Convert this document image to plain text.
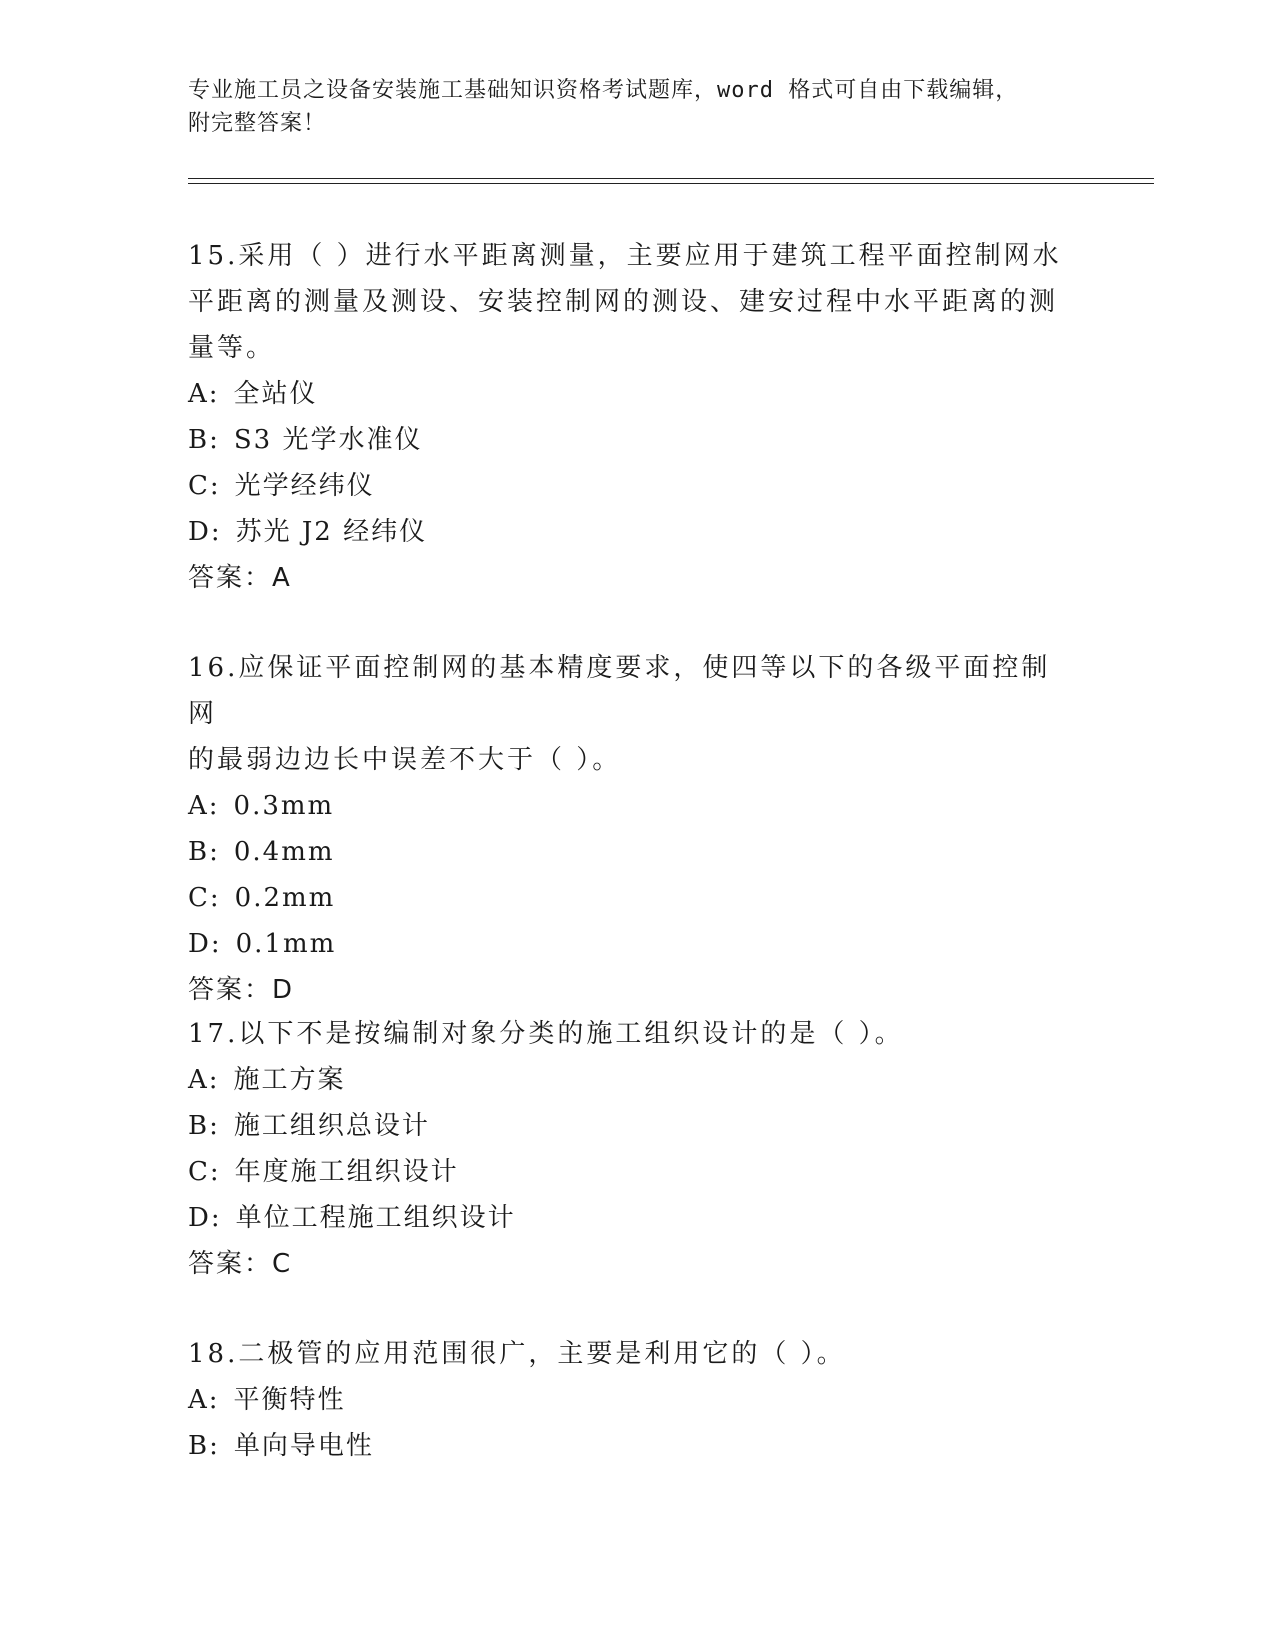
专业施工员之设备安装施工基础知识资格考试题库，word 格式可自由下载编辑，
附完整答案！

15.采用（ ）进行水平距离测量，主要应用于建筑工程平面控制网水
平距离的测量及测设、安装控制网的测设、建安过程中水平距离的测
量等。

A: 全站仪

B: S3 光学水准仪

C: 光学经纬仪

D: 苏光 J2 经纬仪

答案：A

16.应保证平面控制网的基本精度要求，使四等以下的各级平面控制网
的最弱边边长中误差不大于（ ）。

A: 0.3mm

B: 0.4mm

C: 0.2mm

D: 0.1mm

答案：D

17.以下不是按编制对象分类的施工组织设计的是（ ）。

A: 施工方案

B: 施工组织总设计

C: 年度施工组织设计

D: 单位工程施工组织设计

答案：C

18.二极管的应用范围很广，主要是利用它的（ ）。

A: 平衡特性

B: 单向导电性
